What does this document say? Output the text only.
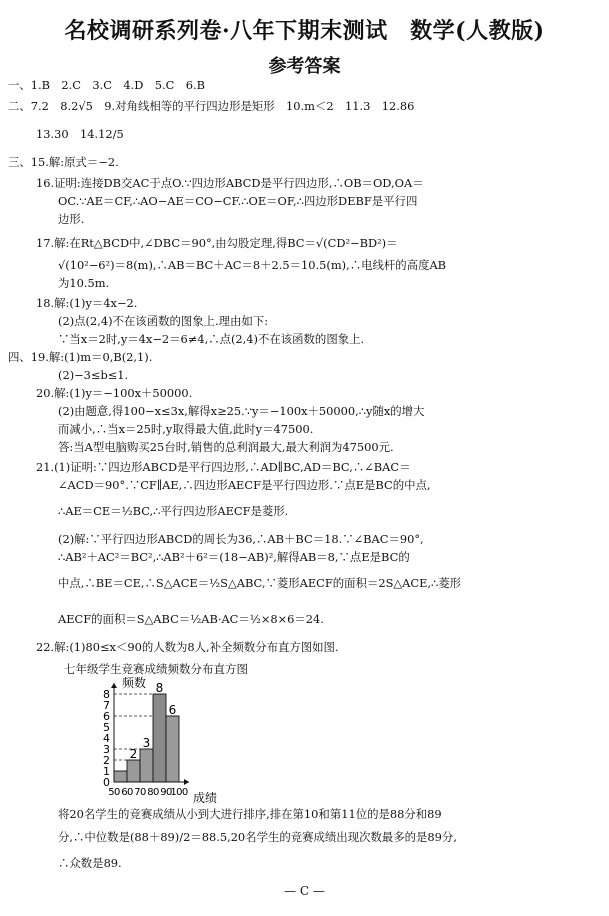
名校调研系列卷·八年下期末测试　数学(人教版)
参考答案
一、1.B　2.C　3.C　4.D　5.C　6.B
二、7.2　8.2√5　9.对角线相等的平行四边形是矩形　10.m＜2　11.3　12.86
13.30　14.12/5
三、15.解:原式＝−2.
16.证明:连接DB交AC于点O.∵四边形ABCD是平行四边形,∴OB＝OD,OA＝
OC.∵AE＝CF,∴AO−AE＝CO−CF.∴OE＝OF,∴四边形DEBF是平行四
边形.
17.解:在Rt△BCD中,∠DBC＝90°,由勾股定理,得BC＝√(CD²−BD²)＝
√(10²−6²)＝8(m),∴AB＝BC＋AC＝8＋2.5＝10.5(m),∴电线杆的高度AB
为10.5m.
18.解:(1)y＝4x−2.
(2)点(2,4)不在该函数的图象上.理由如下:
∵当x＝2时,y＝4x−2＝6≠4,∴点(2,4)不在该函数的图象上.
四、19.解:(1)m＝0,B(2,1).
(2)−3≤b≤1.
20.解:(1)y＝−100x＋50000.
(2)由题意,得100−x≤3x,解得x≥25.∵y＝−100x＋50000,∴y随x的增大
而减小,∴当x＝25时,y取得最大值,此时y＝47500.
答:当A型电脑购买25台时,销售的总利润最大,最大利润为47500元.
21.(1)证明:∵四边形ABCD是平行四边形,∴AD∥BC,AD＝BC,∴∠BAC＝
∠ACD＝90°.∵CF∥AE,∴四边形AECF是平行四边形.∵点E是BC的中点,
∴AE＝CE＝½BC,∴平行四边形AECF是菱形.
(2)解:∵平行四边形ABCD的周长为36,∴AB＋BC＝18.∵∠BAC＝90°,
∴AB²＋AC²＝BC²,∴AB²＋6²＝(18−AB)²,解得AB＝8,∵点E是BC的
中点,∴BE＝CE,∴S△ACE＝½S△ABC,∵菱形AECF的面积＝2S△ACE,∴菱形
AECF的面积＝S△ABC＝½AB·AC＝½×8×6＝24.
22.解:(1)80≤x＜90的人数为8人,补全频数分布直方图如图.
七年级学生竞赛成绩频数分布直方图
0
1
2
3
4
5
6
7
8
50 60 70 80 90
100
2
3
8
6
频数
成绩
将20名学生的竞赛成绩从小到大进行排序,排在第10和第11位的是88分和89
分,∴中位数是(88＋89)/2＝88.5,20名学生的竞赛成绩出现次数最多的是89分,
∴众数是89.
— C —
